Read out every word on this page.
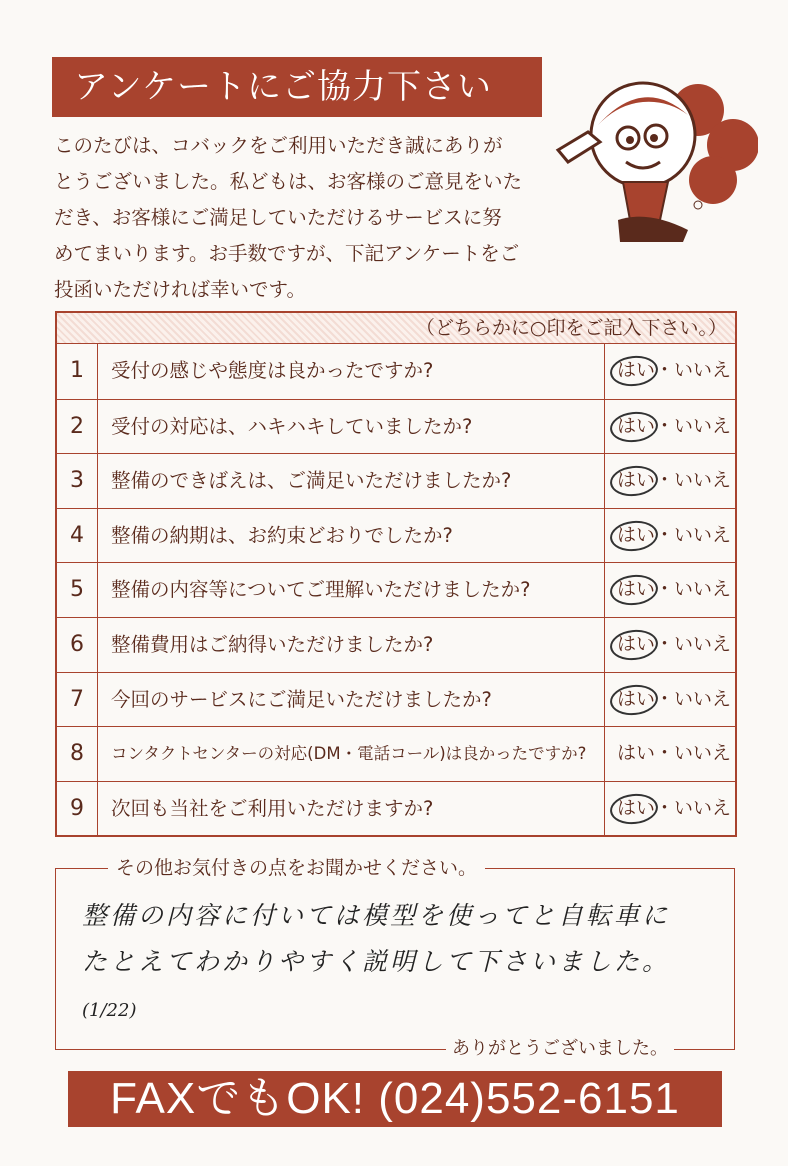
アンケートにご協力下さい
このたびは、コバックをご利用いただき誠にありが
とうございました。私どもは、お客様のご意見をいた
だき、お客様にご満足していただけるサービスに努
めてまいります。お手数ですが、下記アンケートをご
投函いただければ幸いです。
（どちらかに○印をご記入下さい。）
1	受付の感じや態度は良かったですか?	はい・いいえ
2	受付の対応は、ハキハキしていましたか?	はい・いいえ
3	整備のできばえは、ご満足いただけましたか?	はい・いいえ
4	整備の納期は、お約束どおりでしたか?	はい・いいえ
5	整備の内容等についてご理解いただけましたか?	はい・いいえ
6	整備費用はご納得いただけましたか?	はい・いいえ
7	今回のサービスにご満足いただけましたか?	はい・いいえ
8	コンタクトセンターの対応(DM・電話コール)は良かったですか?	はい・いいえ
9	次回も当社をご利用いただけますか?	はい・いいえ
その他お気付きの点をお聞かせください。
整備の内容に付いては模型を使ってと自転車に
たとえてわかりやすく説明して下さいました。 (1/22)
ありがとうございました。
FAXでもOK! (024)552-6151
